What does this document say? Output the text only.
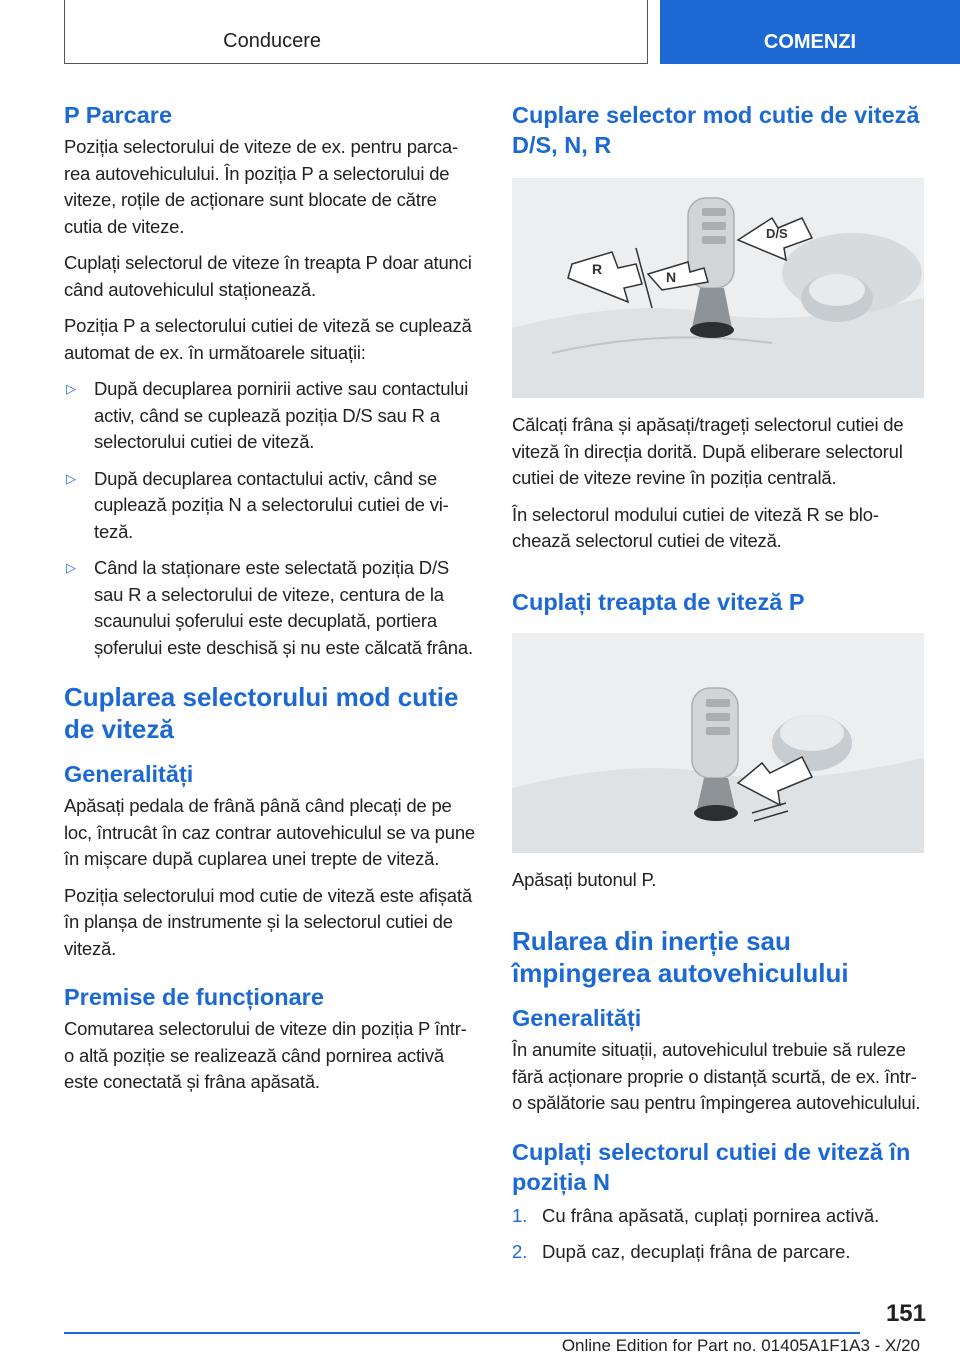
Conducere	COMENZI
P Parcare

Poziția selectorului de viteze de ex. pentru parcarea autovehiculului. În poziția P a selectorului de viteze, roțile de acționare sunt blocate de către cutia de viteze.

Cuplați selectorul de viteze în treapta P doar atunci când autovehiculul staționează.

Poziția P a selectorului cutiei de viteză se cuplează automat de ex. în următoarele situații:

▷ După decuplarea pornirii active sau contactului activ, când se cuplează poziția D/S sau R a selectorului cutiei de viteză.
▷ După decuplarea contactului activ, când se cuplează poziția N a selectorului cutiei de viteză.
▷ Când la staționare este selectată poziția D/S sau R a selectorului de viteze, centura de la scaunului șoferului este decuplată, portiera șoferului este deschisă și nu este călcată frâna.
Cuplarea selectorului mod cutie de viteză
Generalități

Apăsați pedala de frână până când plecați de pe loc, întrucât în caz contrar autovehiculul se va pune în mișcare după cuplarea unei trepte de viteză.

Poziția selectorului mod cutie de viteză este afișată în planșa de instrumente și la selectorul cutiei de viteză.

Premise de funcționare

Comutarea selectorului de viteze din poziția P într-o altă poziție se realizează când pornirea activă este conectată și frâna apăsată.

Cuplare selector mod cutie de viteză D/S, N, R
R	N
D/S

Călcați frâna și apăsați/trageți selectorul cutiei de viteză în direcția dorită. După eliberare selectorul cutiei de viteze revine în poziția centrală.

În selectorul modului cutiei de viteză R se blochează selectorul cutiei de viteză.

Cuplați treapta de viteză P

Apăsați butonul P.

Rularea din inerție sau împingerea autovehiculului
Generalități

În anumite situații, autovehiculul trebuie să ruleze fără acționare proprie o distanță scurtă, de ex. într-o spălătorie sau pentru împingerea autovehiculului.

Cuplați selectorul cutiei de viteză în poziția N
1. Cu frâna apăsată, cuplați pornirea activă.
2. După caz, decuplați frâna de parcare.
151
Online Edition for Part no. 01405A1F1A3 - X/20
